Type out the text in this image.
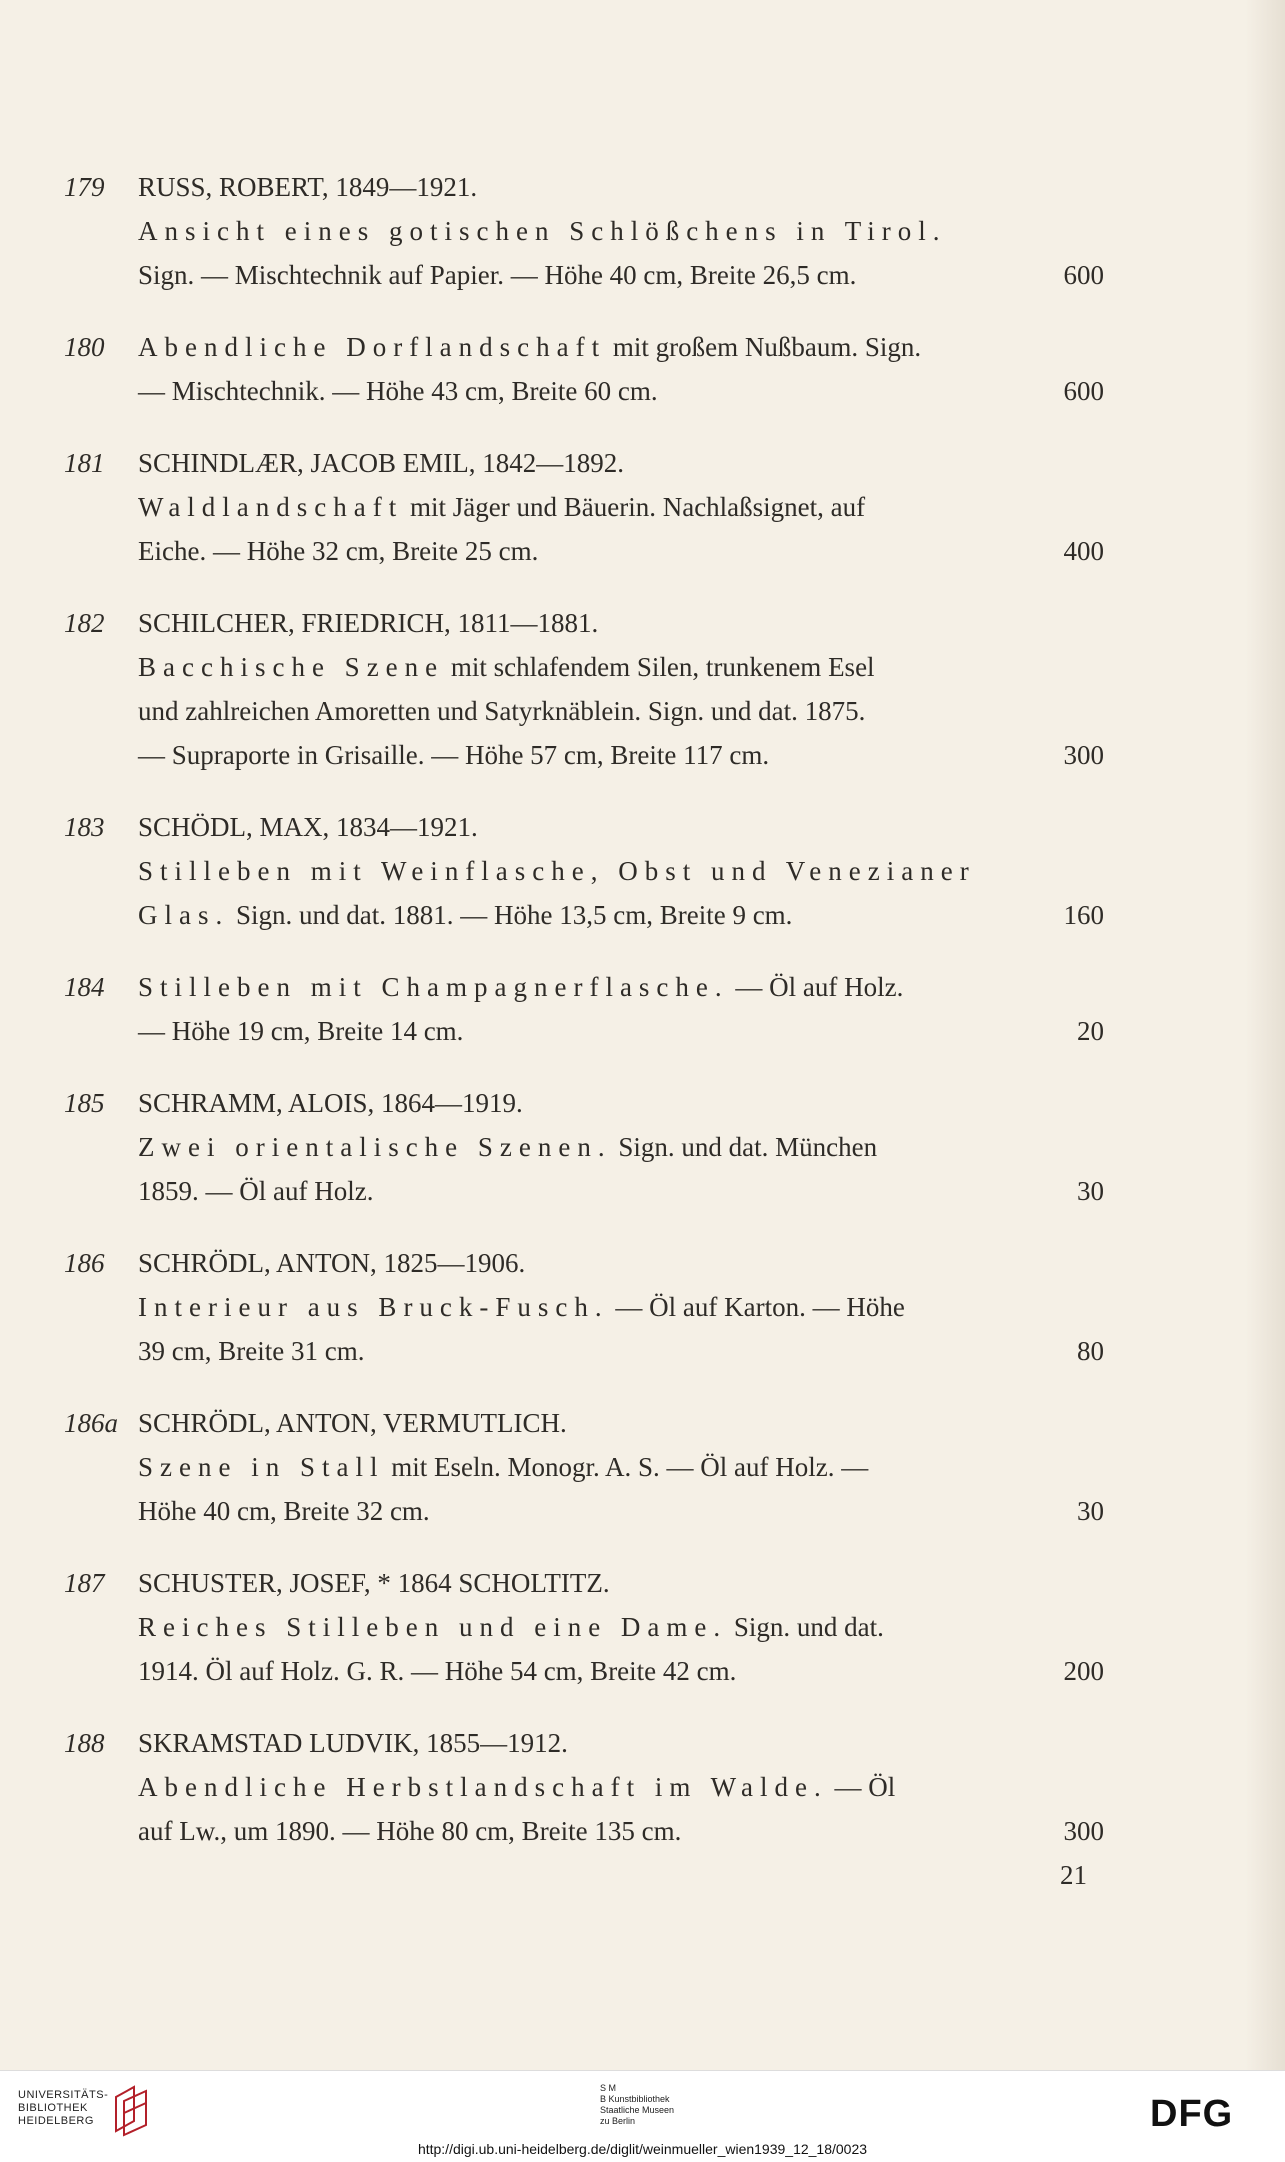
179	RUSS, ROBERT, 1849—1921.
Ansicht eines gotischen Schlößchens in Tirol.
Sign. — Mischtechnik auf Papier. — Höhe 40 cm, Breite 26,5 cm.	600
180	Abendliche Dorflandschaft mit großem Nußbaum. Sign.
— Mischtechnik. — Höhe 43 cm, Breite 60 cm.	600
181	SCHINDLÆR, JACOB EMIL, 1842—1892.
Waldlandschaft mit Jäger und Bäuerin. Nachlaßsignet, auf
Eiche. — Höhe 32 cm, Breite 25 cm.	400
182	SCHILCHER, FRIEDRICH, 1811—1881.
Bacchische Szene mit schlafendem Silen, trunkenem Esel
und zahlreichen Amoretten und Satyrknäblein. Sign. und dat. 1875.
— Supraporte in Grisaille. — Höhe 57 cm, Breite 117 cm.	300
183	SCHÖDL, MAX, 1834—1921.
Stilleben mit Weinflasche, Obst und Venezianer
Glas. Sign. und dat. 1881. — Höhe 13,5 cm, Breite 9 cm.	160
184	Stilleben mit Champagnerflasche. — Öl auf Holz.
— Höhe 19 cm, Breite 14 cm.	20
185	SCHRAMM, ALOIS, 1864—1919.
Zwei orientalische Szenen. Sign. und dat. München
1859. — Öl auf Holz.	30
186	SCHRÖDL, ANTON, 1825—1906.
Interieur aus Bruck-Fusch. — Öl auf Karton. — Höhe
39 cm, Breite 31 cm.	80
186a SCHRÖDL, ANTON, VERMUTLICH.
Szene in Stall mit Eseln. Monogr. A. S. — Öl auf Holz. —
Höhe 40 cm, Breite 32 cm.	30
187	SCHUSTER, JOSEF, * 1864 SCHOLTITZ.
Reiches Stilleben und eine Dame. Sign. und dat.
1914. Öl auf Holz. G. R. — Höhe 54 cm, Breite 42 cm.	200
188	SKRAMSTAD LUDVIK, 1855—1912.
Abendliche Herbstlandschaft im Walde. — Öl
auf Lw., um 1890. — Höhe 80 cm, Breite 135 cm.	300
21
UNIVERSITÄTS-
BIBLIOTHEK
HEIDELBERG
S M
B Kunstbibliothek
Staatliche Museen
zu Berlin	DFG
http://digi.ub.uni-heidelberg.de/diglit/weinmueller_wien1939_12_18/0023
